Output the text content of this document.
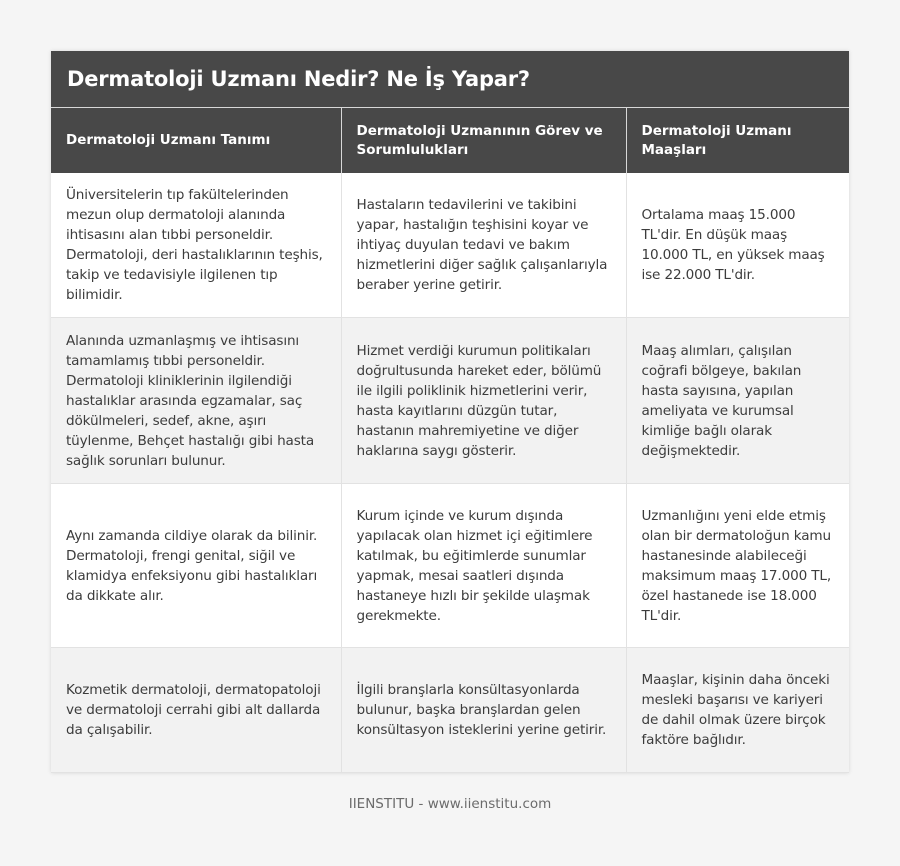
Dermatoloji Uzmanı Nedir? Ne İş Yapar?
Dermatoloji Uzmanı Tanımı	Dermatoloji Uzmanının Görev ve Sorumlulukları	Dermatoloji Uzmanı Maaşları
Üniversitelerin tıp fakültelerinden mezun olup dermatoloji alanında ihtisasını alan tıbbi personeldir. Dermatoloji, deri hastalıklarının teşhis, takip ve tedavisiyle ilgilenen tıp bilimidir.	Hastaların tedavilerini ve takibini yapar, hastalığın teşhisini koyar ve ihtiyaç duyulan tedavi ve bakım hizmetlerini diğer sağlık çalışanlarıyla beraber yerine getirir.	Ortalama maaş 15.000 TL'dir. En düşük maaş 10.000 TL, en yüksek maaş ise 22.000 TL'dir.
Alanında uzmanlaşmış ve ihtisasını tamamlamış tıbbi personeldir. Dermatoloji kliniklerinin ilgilendiği hastalıklar arasında egzamalar, saç dökülmeleri, sedef, akne, aşırı tüylenme, Behçet hastalığı gibi hasta sağlık sorunları bulunur.	Hizmet verdiği kurumun politikaları doğrultusunda hareket eder, bölümü ile ilgili poliklinik hizmetlerini verir, hasta kayıtlarını düzgün tutar, hastanın mahremiyetine ve diğer haklarına saygı gösterir.	Maaş alımları, çalışılan coğrafi bölgeye, bakılan hasta sayısına, yapılan ameliyata ve kurumsal kimliğe bağlı olarak değişmektedir.
Aynı zamanda cildiye olarak da bilinir. Dermatoloji, frengi genital, siğil ve klamidya enfeksiyonu gibi hastalıkları da dikkate alır.	Kurum içinde ve kurum dışında yapılacak olan hizmet içi eğitimlere katılmak, bu eğitimlerde sunumlar yapmak, mesai saatleri dışında hastaneye hızlı bir şekilde ulaşmak gerekmekte.	Uzmanlığını yeni elde etmiş olan bir dermatoloğun kamu hastanesinde alabileceği maksimum maaş 17.000 TL, özel hastanede ise 18.000 TL'dir.
Kozmetik dermatoloji, dermatopatoloji ve dermatoloji cerrahi gibi alt dallarda da çalışabilir.	İlgili branşlarla konsültasyonlarda bulunur, başka branşlardan gelen konsültasyon isteklerini yerine getirir.	Maaşlar, kişinin daha önceki mesleki başarısı ve kariyeri de dahil olmak üzere birçok faktöre bağlıdır.
IIENSTITU - www.iienstitu.com
